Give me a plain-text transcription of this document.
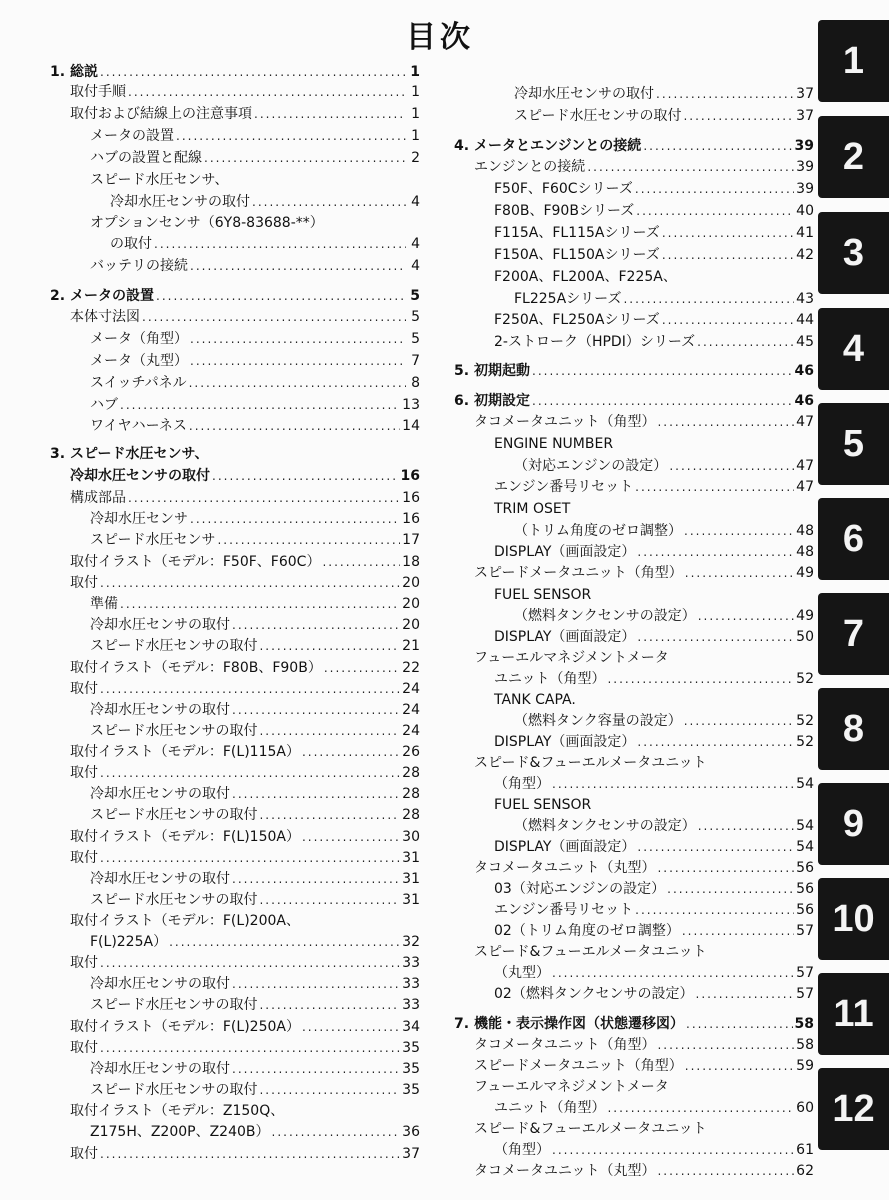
目次
1. 総説 .....	1
取付手順 .....	1
取付および結線上の注意事項 .....	1
メータの設置 .....	1
ハブの設置と配線 .....	2
スピード水圧センサ、
冷却水圧センサの取付 .....	4
オプションセンサ（6Y8-83688-**）
の取付 .....	4
バッテリの接続 .....	4
2. メータの設置 .....	5
本体寸法図 .....	5
メータ（角型） .....	5
メータ（丸型） .....	7
スイッチパネル .....	8
ハブ .....	13
ワイヤハーネス .....	14
3. スピード水圧センサ、
冷却水圧センサの取付 .....	16
構成部品 .....	16
冷却水圧センサ .....	16
スピード水圧センサ .....	17
取付イラスト（モデル：F50F、F60C） .....	18
取付 .....	20
準備 .....	20
冷却水圧センサの取付 .....	20
スピード水圧センサの取付 .....	21
取付イラスト（モデル：F80B、F90B） .....	22
取付 .....	24
冷却水圧センサの取付 .....	24
スピード水圧センサの取付 .....	24
取付イラスト（モデル：F(L)115A） .....	26
取付 .....	28
冷却水圧センサの取付 .....	28
スピード水圧センサの取付 .....	28
取付イラスト（モデル：F(L)150A） .....	30
取付 .....	31
冷却水圧センサの取付 .....	31
スピード水圧センサの取付 .....	31
取付イラスト（モデル：F(L)200A、
F(L)225A） .....	32
取付 .....	33
冷却水圧センサの取付 .....	33
スピード水圧センサの取付 .....	33
取付イラスト（モデル：F(L)250A） .....	34
取付 .....	35
冷却水圧センサの取付 .....	35
スピード水圧センサの取付 .....	35
取付イラスト（モデル：Z150Q、
Z175H、Z200P、Z240B） .....	36
取付 .....	37
冷却水圧センサの取付 .....	37
スピード水圧センサの取付 .....	37
4. メータとエンジンとの接続 .....	39
エンジンとの接続 .....	39
F50F、F60Cシリーズ .....	39
F80B、F90Bシリーズ .....	40
F115A、FL115Aシリーズ .....	41
F150A、FL150Aシリーズ .....	42
F200A、FL200A、F225A、
FL225Aシリーズ .....	43
F250A、FL250Aシリーズ .....	44
2-ストローク（HPDI）シリーズ .....	45
5. 初期起動 .....	46
6. 初期設定 .....	46
タコメータユニット（角型） .....	47
ENGINE NUMBER
（対応エンジンの設定） .....	47
エンジン番号リセット .....	47
TRIM OSET
（トリム角度のゼロ調整） .....	48
DISPLAY（画面設定） .....	48
スピードメータユニット（角型） .....	49
FUEL SENSOR
（燃料タンクセンサの設定） .....	49
DISPLAY（画面設定） .....	50
フューエルマネジメントメータ
ユニット（角型） .....	52
TANK CAPA.
（燃料タンク容量の設定） .....	52
DISPLAY（画面設定） .....	52
スピード&フューエルメータユニット
（角型） .....	54
FUEL SENSOR
（燃料タンクセンサの設定） .....	54
DISPLAY（画面設定） .....	54
タコメータユニット（丸型） .....	56
03（対応エンジンの設定） .....	56
エンジン番号リセット .....	56
02（トリム角度のゼロ調整） .....	57
スピード&フューエルメータユニット
（丸型） .....	57
02（燃料タンクセンサの設定） .....	57
7. 機能・表示操作図（状態遷移図） .....	58
タコメータユニット（角型） .....	58
スピードメータユニット（角型） .....	59
フューエルマネジメントメータ
ユニット（角型） .....	60
スピード&フューエルメータユニット
（角型） .....	61
タコメータユニット（丸型） .....	62
1
2
3
4
5
6
7
8
9
10
11
12
